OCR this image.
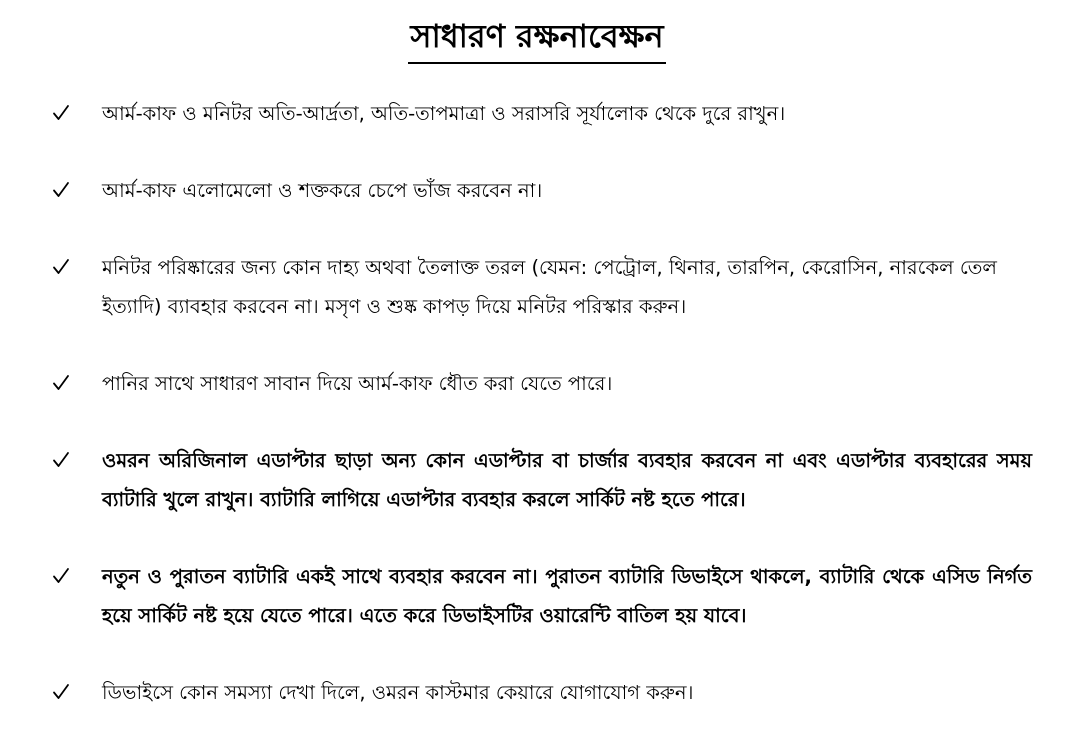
সাধারণ রক্ষনাবেক্ষন
আর্ম-কাফ ও মনিটর অতি-আর্দ্রতা, অতি-তাপমাত্রা ও সরাসরি সূর্যালোক থেকে দুরে রাখুন।
আর্ম-কাফ এলোমেলো ও শক্তকরে চেপে ভাঁজ করবেন না।
মনিটর পরিষ্কারের জন্য কোন দাহ্য অথবা তৈলাক্ত তরল (যেমন: পেট্রোল, থিনার, তারপিন, কেরোসিন, নারকেল তেল ইত্যাদি) ব্যাবহার করবেন না। মসৃণ ও শুষ্ক কাপড় দিয়ে মনিটর পরিস্কার করুন।
পানির সাথে সাধারণ সাবান দিয়ে আর্ম-কাফ ধৌত করা যেতে পারে।
ওমরন অরিজিনাল এডাপ্টার ছাড়া অন্য কোন এডাপ্টার বা চার্জার ব্যবহার করবেন না এবং এডাপ্টার ব্যবহারের সময় ব্যাটারি খুলে রাখুন। ব্যাটারি লাগিয়ে এডাপ্টার ব্যবহার করলে সার্কিট নষ্ট হতে পারে।
নতুন ও পুরাতন ব্যাটারি একই সাথে ব্যবহার করবেন না। পুরাতন ব্যাটারি ডিভাইসে থাকলে, ব্যাটারি থেকে এসিড নির্গত হয়ে সার্কিট নষ্ট হয়ে যেতে পারে। এতে করে ডিভাইসটির ওয়ারেন্টি বাতিল হয় যাবে।
ডিভাইসে কোন সমস্যা দেখা দিলে, ওমরন কাস্টমার কেয়ারে যোগাযোগ করুন।
